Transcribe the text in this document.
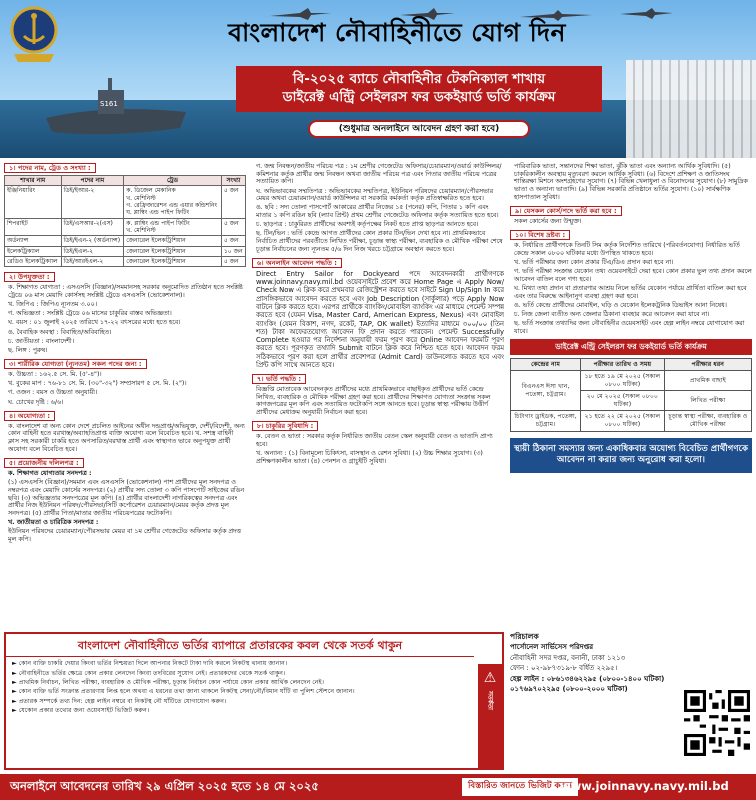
S161
বাংলাদেশ নৌবাহিনীতে যোগ দিন
বি-২০২৫ ব্যাচে নৌবাহিনীর টেকনিক্যাল শাখায়
ডাইরেক্ট এন্ট্রি সেইলরস ফর ডকইয়ার্ড ভর্তি কার্যক্রম
(শুধুমাত্র অনলাইনে আবেদন গ্রহণ করা হবে)
১। পদের নাম, ট্রেড ও সংখ্যা :
শাখার নাম	পদের নাম	ট্রেড	সংখ্যা
ইঞ্জিনিয়ারিং	ডিই/ইআর-২	ক. ডিজেল মেকানিক
খ. মেশিনিস্ট
গ. রেফ্রিজারেশন এন্ড এয়ার কন্ডিশনিং
ঘ. প্লাম্বিং এন্ড পাইপ ফিটিং	৫ জন
শিপরাইট	ডিই/এসআর-২(এস)	ক. প্লাম্বিং এন্ড পাইপ ফিটিং
খ. মেশিনিস্ট	৫ জন
অর্ডন্যান্স	ডিই/ইএন-২ (অর্ডন্যান্স)	জেনারেল ইলেকট্রিশিয়ান	৫ জন
ইলেকট্রিক্যাল	ডিই/ইএল-২	জেনারেল ইলেকট্রিশিয়ান	১০ জন
রেডিও ইলেকট্রিক্যাল	ডিই/আরইএল-২	জেনারেল ইলেকট্রিশিয়ান	৫ জন
২। উপযুক্ততা :

ক. শিক্ষাগত যোগ্যতা : এসএসসি (বিজ্ঞান)/সমমানসহ সরকার অনুমোদিত প্রতিষ্ঠান হতে সংশ্লিষ্ট ট্রেডে ০৬ মাস মেয়াদি কোর্সসহ সংশ্লিষ্ট ট্রেডে এসএসসি (ভোকেশনাল)।

খ. জিপিএ : জিপিএ ন্যূনতম ৩.০০।

গ. অভিজ্ঞতা : সংশ্লিষ্ট ট্রেডে ০৬ মাসের চাকুরির বাস্তব অভিজ্ঞতা।

ঘ. বয়স : ০১ জুলাই ২০২৫ তারিখে ১৭-২২ বৎসরের মধ্যে হতে হবে।

ঙ. বৈবাহিক অবস্থা : বিবাহিত/অবিবাহিত।

চ. জাতীয়তা : বাংলাদেশী।

ছ. লিঙ্গ : পুরুষ।

৩। শারীরিক যোগ্যতা (ন্যূনতম) সকল পদের জন্য :

ক. উচ্চতা : ১৬২.৫ সে. মি. (৫'-৪")।

খ. বুকের মাপ : ৭৬-৮১ সে. মি. (৩০"-৩২") সম্প্রসারণ ৫ সে. মি. (২")।

গ. ওজন : বয়স ও উচ্চতা অনুযায়ী।

ঘ. চোখের দৃষ্টি : ৬/৬।

৪। অযোগ্যতা :

ক. বাংলাদেশ বা অন্য কোন দেশে প্রচলিত আইনের অধীন দন্ডপ্রাপ্ত/অভিযুক্ত, দেশী/বিদেশী, অন্য কোন বাহিনী হতে বরখাস্ত/অব্যাহতিপ্রাপ্ত ব্যক্তি অযোগ্য বলে বিবেচিত হবে। খ. সশস্ত্র বাহিনী ক্লাস সহ সরকারী চাকরি হতে অপসারিত/বরখাস্ত প্রার্থী এবং স্বাস্থ্যগত ভাবে অনুপযুক্ত প্রার্থী অযোগ্য বলে বিবেচিত হবে।

৫। প্রয়োজনীয় দলিলপত্র :

ক. শিক্ষাগত যোগ্যতার সনদপত্র :

(১) এসএসসি (বিজ্ঞান)/সমমান এবং এসএসসি (ভোকেশনাল) পাশ প্রার্থীদের মূল সনদপত্র ও নম্বরপত্র এবং মেয়াদি কোর্সের সনদপত্র। (২) প্রার্থীর সদ্য তোলা ৩ কপি পাসপোর্ট সাইজের রঙিন ছবি। (৩) অভিজ্ঞতার সনদপত্রের মূল কপি। (৪) প্রার্থীর বাংলাদেশী নাগরিকত্বের সনদপত্র এবং প্রার্থীর নিজ ইউনিয়ন পরিষদ/পৌরসভা/সিটি কর্পোরেশন চেয়ারম্যান/মেয়র কর্তৃক প্রদত্ত মূল সনদপত্র। (৫) প্রার্থীর পিতা/মাতার জাতীয় পরিচয়পত্রের ফটোকপি।

খ. জাতীয়তা ও চারিত্রিক সনদপত্র :

ইউনিয়ন পরিষদের চেয়ারম্যান/পৌরসভার মেয়র বা ১ম শ্রেণীর গেজেটেড অফিসার কর্তৃক প্রদত্ত মূল কপি।

গ. জন্ম নিবন্ধন/জাতীয় পরিচয় পত্র : ১ম শ্রেণীর গেজেটেড অফিসার/চেয়ারম্যান/ওয়ার্ড কাউন্সিলর/কমিশনার কর্তৃক প্রার্থীর জন্ম নিবন্ধন অথবা জাতীয় পরিচয় পত্র এবং পিতার জাতীয় পরিচয় পত্রের সত্যায়িত কপি।

ঘ. অভিভাবকের সম্মতিপত্র : অভিভাবকের সম্মতিপত্র, ইউনিয়ন পরিষদের চেয়ারম্যান/পৌরসভার মেয়র অথবা চেয়ারম্যান/ওয়ার্ড কাউন্সিলর বা সরকারি কর্মকর্তা কর্তৃক প্রতিস্বাক্ষরিত হতে হবে।

ঙ. ছবি : সদ্য তোলা পাসপোর্ট আকারের প্রার্থীর নিজের ১৫ (পনের) কপি, পিতার ১ কপি এবং মাতার ১ কপি রঙিন ছবি (ল্যাব প্রিন্ট) প্রথম শ্রেণীর গেজেটেড অফিসার কর্তৃক সত্যায়িত হতে হবে।

চ. ছাড়পত্র : চাকুরিরত প্রার্থীদের অবশ্যই কর্তৃপক্ষের নিকট হতে প্রাপ্ত ছাড়পত্র আনতে হবে।

ছ. টিন/ভিন : ভর্তি কেন্দ্রে আগত প্রার্থীদের কোন প্রকার টিন/ভিন দেখা হবে না। প্রাথমিকভাবে নির্বাচিত প্রার্থীদের পরবর্তীতে লিখিত পরীক্ষা, চূড়ান্ত স্বাস্থ্য পরীক্ষা, ব্যবহারিক ও মৌখিক পরীক্ষা শেষে চূড়ান্ত নির্বাচনের জন্য ন্যূনতম ৫/৬ দিন নিজ খরচে চট্টগ্রামে অবস্থান করতে হবে।

৬। অনলাইন আবেদন পদ্ধতি :

Direct Entry Sailor for Dockyeard পদে আবেদনকারী প্রার্থীগণকে www.joinnavy.navy.mil.bd ওয়েবসাইটে প্রবেশ করে Home Page এ Apply Now/ Check Now এ ক্লিক করে প্রথমবার রেজিস্ট্রেশন করতে হবে সাইটে Sign Up/Sign In করে প্রাসঙ্গিকভাবে আবেদন করতে হবে এবং Job Description (সার্কুলার) পড়ে Apply Now বাটনে ক্লিক করতে হবে। এরপর প্রার্থীকে ব্যাংকিং/মোবাইল ব্যাংকিং এর মাধ্যমে পেমেন্ট সম্পন্ন করতে হবে (যেমন Visa, Master Card, American Express, Nexus) এবং মোবাইল ব্যাংকিং (যেমন বিকাশ, নগদ, রকেট, TAP, OK wallet) ইত্যাদির মাধ্যমে ৩০০/০০ (তিন শত) টাকা অফেরতযোগ্য আবেদন ফি প্রদান করতে পারবেন। পেমেন্ট Successfully Complete হওয়ার পর নির্দেশনা অনুযায়ী ফরম পূরণ করে Online আবেদন ফরমটি পূরণ করতে হবে। পূরণকৃত তথ্যাদি Submit বাটনে ক্লিক করে নিশ্চিত হতে হবে। আবেদন ফরম সঠিকভাবে পূরণ করা হলে প্রার্থীর প্রবেশপত্র (Admit Card) ডাউনলোড করতে হবে এবং প্রিন্ট কপি সাথে আনতে হবে।

৭। ভর্তি পদ্ধতি :

বিজ্ঞপ্তি মোতাবেক আবেদনকৃত প্রার্থীদের মধ্যে প্রাথমিকভাবে বাছাইকৃত প্রার্থীদের ভর্তি কেন্দ্রে লিখিত, ব্যবহারিক ও মৌখিক পরীক্ষা গ্রহণ করা হবে। প্রার্থীদের শিক্ষাগত যোগ্যতা সংক্রান্ত সকল কাগজপত্রের মূল কপি এবং সত্যায়িত ফটোকপি সঙ্গে আনতে হবে। চূড়ান্ত স্বাস্থ্য পরীক্ষায় উত্তীর্ণ প্রার্থীদের মেধাক্রম অনুযায়ী নির্বাচন করা হবে।

৮। চাকুরির সুবিধাদি :

ক. বেতন ও ভাতা : সরকার কর্তৃক নির্ধারিত জাতীয় বেতন স্কেল অনুযায়ী বেতন ও ভাতাদি প্রাপ্য হবে।

খ. অন্যান্য : (১) বিনামূল্যে চিকিৎসা, বাসস্থান ও রেশন সুবিধা। (২) উচ্চ শিক্ষার সুযোগ। (৩) প্রশিক্ষণকালীন ভাতা। (৪) পেনশন ও গ্রাচুইটি সুবিধা।

পারিবারিক ভাতা, সন্তানদের শিক্ষা ভাতা, ঝুঁকি ভাতা এবং অন্যান্য আর্থিক সুবিধাদি। (৫) চাকরিকালীন অবস্থায় মৃত্যুবরণ করলে আর্থিক সুবিধা। (৬) বিদেশে প্রশিক্ষণ ও জাতিসংঘ শান্তিরক্ষা মিশনে অংশগ্রহণের সুযোগ। (৭) বিভিন্ন খেলাধুলা ও বিনোদনের সুযোগ। (৮) সামুদ্রিক ভাতা ও অন্যান্য ভাতাদি। (৯) বিভিন্ন সরকারি প্রতিষ্ঠানে ভর্তির সুযোগ। (১০) সার্বক্ষণিক হাসপাতাল সুবিধা।

৯। যেসকল কোর্স/পদে ভর্তি করা হবে :

সকল কোর্সের জন্য উন্মুক্ত।

১০। বিশেষ দ্রষ্টব্য :

ক. নির্ধারিত প্রার্থীগণকে তিনটি সিম কর্তৃক নির্দেশিত তারিখে (পরিবর্তনযোগ্য) নির্ধারিত ভর্তি কেন্দ্রে সকাল ০৮০০ ঘটিকার মধ্যে উপস্থিত থাকতে হবে।

খ. ভর্তি পরীক্ষার জন্য কোন প্রকার টিএ/ডিএ প্রদান করা হবে না।

গ. ভর্তি পরীক্ষা সংক্রান্ত যেকোন তথ্য ওয়েবসাইটে দেয়া হবে। কোন প্রকার ভুল তথ্য প্রদান করলে আবেদন বাতিল বলে গণ্য হবে।

ঘ. মিথ্যা তথ্য প্রদান বা প্রতারণার আশ্রয় নিলে ভর্তির যেকোন পর্যায়ে প্রার্থিতা বাতিল করা হবে এবং তার বিরুদ্ধে আইনানুগ ব্যবস্থা গ্রহণ করা হবে।

ঙ. ভর্তি কেন্দ্রে প্রার্থীদের মোবাইল, ঘড়ি ও যেকোন ইলেকট্রনিক ডিভাইস আনা নিষেধ।

চ. নিজ জেলা ব্যতীত অন্য জেলার ঠিকানা ব্যবহার করে আবেদন করা যাবে না।

ছ. ভর্তি সংক্রান্ত তথ্যাদির জন্য নৌবাহিনীর ওয়েবসাইট এবং হেল্প লাইন নম্বরে যোগাযোগ করা যাবে।

ডাইরেক্ট এন্ট্রি সেইলরস ফর ডকইয়ার্ড ভর্তি কার্যক্রম
কেন্দ্রের নাম	পরীক্ষার তারিখ ও সময়	পরীক্ষার ধরন
বিএনএস ঈসা খান, পতেঙ্গা, চট্টগ্রাম।	১৮ হতে ১৯ মে ২০২৫ (সকাল ০৮০০ ঘটিকা)	প্রাথমিক বাছাই
	২০ মে ২০২৫ (সকাল ০৮০০ ঘটিকা)	লিখিত পরীক্ষা
চিটাগাং ড্রাইডক, পতেঙ্গা, চট্টগ্রাম।	২১ হতে ২২ মে ২০২৫ (সকাল ০৮০০ ঘটিকা)	চূড়ান্ত স্বাস্থ্য পরীক্ষা, ব্যবহারিক ও মৌখিক পরীক্ষা
স্থায়ী ঠিকানা সমস্যার জন্য একাধিকবার অযোগ্য বিবেচিত প্রার্থীগণকে আবেদন না করার জন্য অনুরোধ করা হলো।
বাংলাদেশ নৌবাহিনীতে ভর্তির ব্যাপারে প্রতারকের কবল থেকে সতর্ক থাকুন
► কোন ব্যক্তি চাকরি দেয়ার কিংবা ভর্তির নিশ্চয়তা দিলে আপনার নিকটে টাকা দাবি করলে নিকটস্থ থানায় জানান।
► নৌবাহিনীতে ভর্তির ক্ষেত্রে কোন প্রকার লেনদেন কিংবা তদবিরের সুযোগ নেই। প্রতারকদের থেকে সতর্ক থাকুন।
► প্রাথমিক নির্বাচন, লিখিত পরীক্ষা, ব্যবহারিক ও মৌখিক পরীক্ষা, চূড়ান্ত নির্বাচন কোন পর্যায়ে কোন প্রকার আর্থিক লেনদেন নেই।
► কোন ব্যক্তি ভর্তি সংক্রান্ত প্রতারণায় লিপ্ত হলে অথবা এ ধরনের তথ্য জানা থাকলে নিকটস্থ সেনা/নৌ/বিমান ঘাঁটি বা পুলিশ স্টেশনে জানান।
► প্রতারক সম্পর্কে তথ্য দিন: হেল্প লাইন নম্বরে বা নিকটস্থ নৌ ঘাঁটিতে যোগাযোগ করুন।
► যেকোন প্রকার তথ্যের জন্য ওয়েবসাইট ভিজিট করুন।
⚠
সতর্কতা
পরিচালক
পার্সোনেল সার্ভিসেস পরিদপ্তর
নৌবাহিনী সদর দপ্তর, বনানী, ঢাকা ১২১৩
ফোন : ০২-৯৮৭৩১৯-৮ বর্ধিত ২২৯৫।
হেল্প লাইন : ০৮৬১৩৪৬২২৯৫ (০৮০০-১৪০০ ঘটিকা)
০১৭৬৯৭০২২৯৫ (০৮০০-২০০০ ঘটিকা)
অনলাইনে আবেদনের তারিখ ২৯ এপ্রিল ২০২৫ হতে ১৪ মে ২০২৫	বিস্তারিত জানতে ভিজিট করুন
www.joinnavy.navy.mil.bd
